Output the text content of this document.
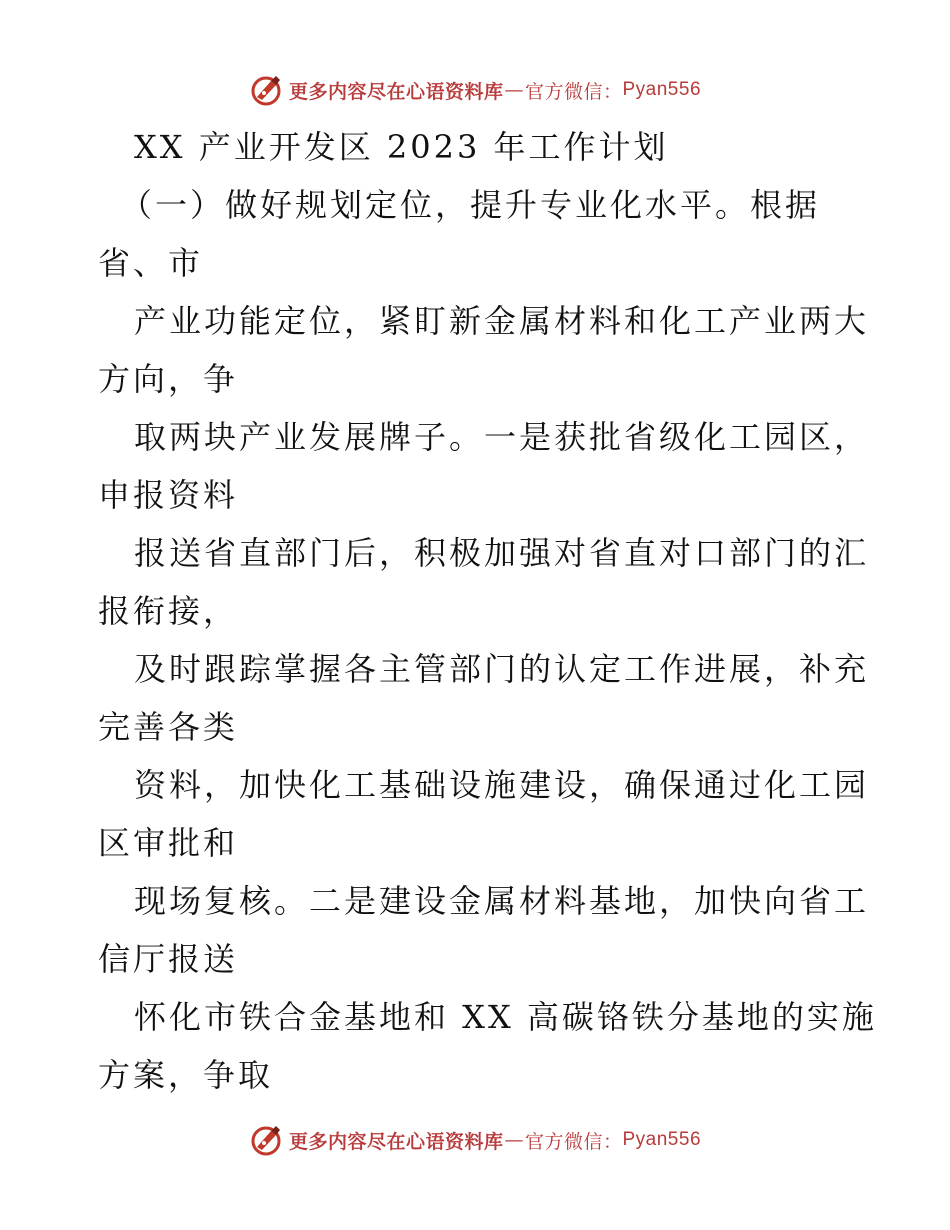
更多内容尽在心语资料库 — 官方微信： Pyan556
XX 产业开发区 2023 年工作计划
（一）做好规划定位，提升专业化水平。根据
省、市
产业功能定位，紧盯新金属材料和化工产业两大
方向，争
取两块产业发展牌子。一是获批省级化工园区，
申报资料
报送省直部门后，积极加强对省直对口部门的汇
报衔接，
及时跟踪掌握各主管部门的认定工作进展，补充
完善各类
资料，加快化工基础设施建设，确保通过化工园
区审批和
现场复核。二是建设金属材料基地，加快向省工
信厅报送
怀化市铁合金基地和 XX 高碳铬铁分基地的实施
方案，争取
更多内容尽在心语资料库 — 官方微信： Pyan556
